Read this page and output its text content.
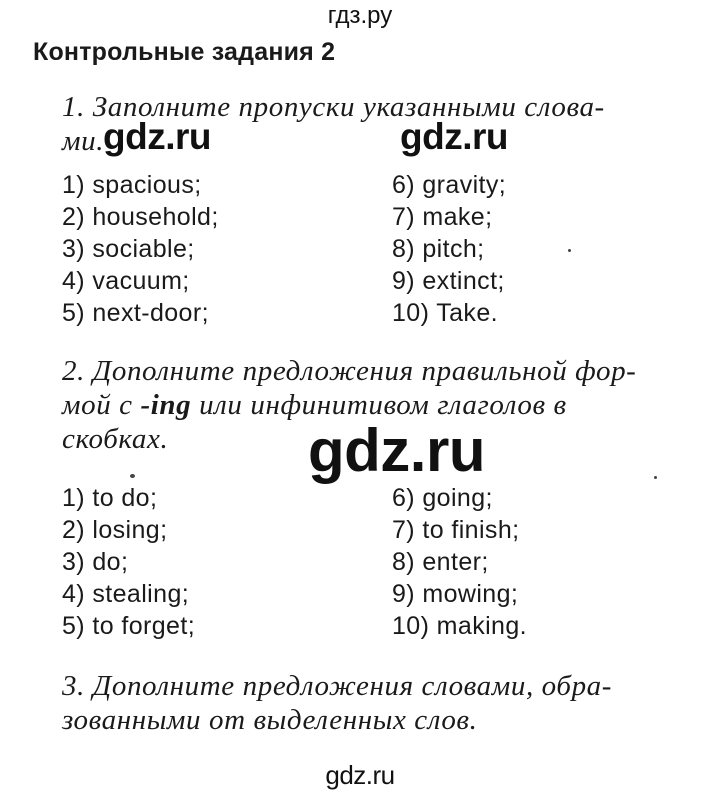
гдз.ру
Контрольные задания 2
1. Заполните пропуски указанными слова-
ми.
gdz.ru	gdz.ru
1) spacious;
2) household;
3) sociable;
4) vacuum;
5) next-door;
6) gravity;
7) make;
8) pitch;
9) extinct;
10) Take.
2. Дополните предложения правильной фор-
мой с -ing или инфинитивом глаголов в
скобках. gdz.ru
1) to do;
2) losing;
3) do;
4) stealing;
5) to forget;
6) going;
7) to finish;
8) enter;
9) mowing;
10) making.
3. Дополните предложения словами, обра-
зованными от выделенных слов.
gdz.ru
